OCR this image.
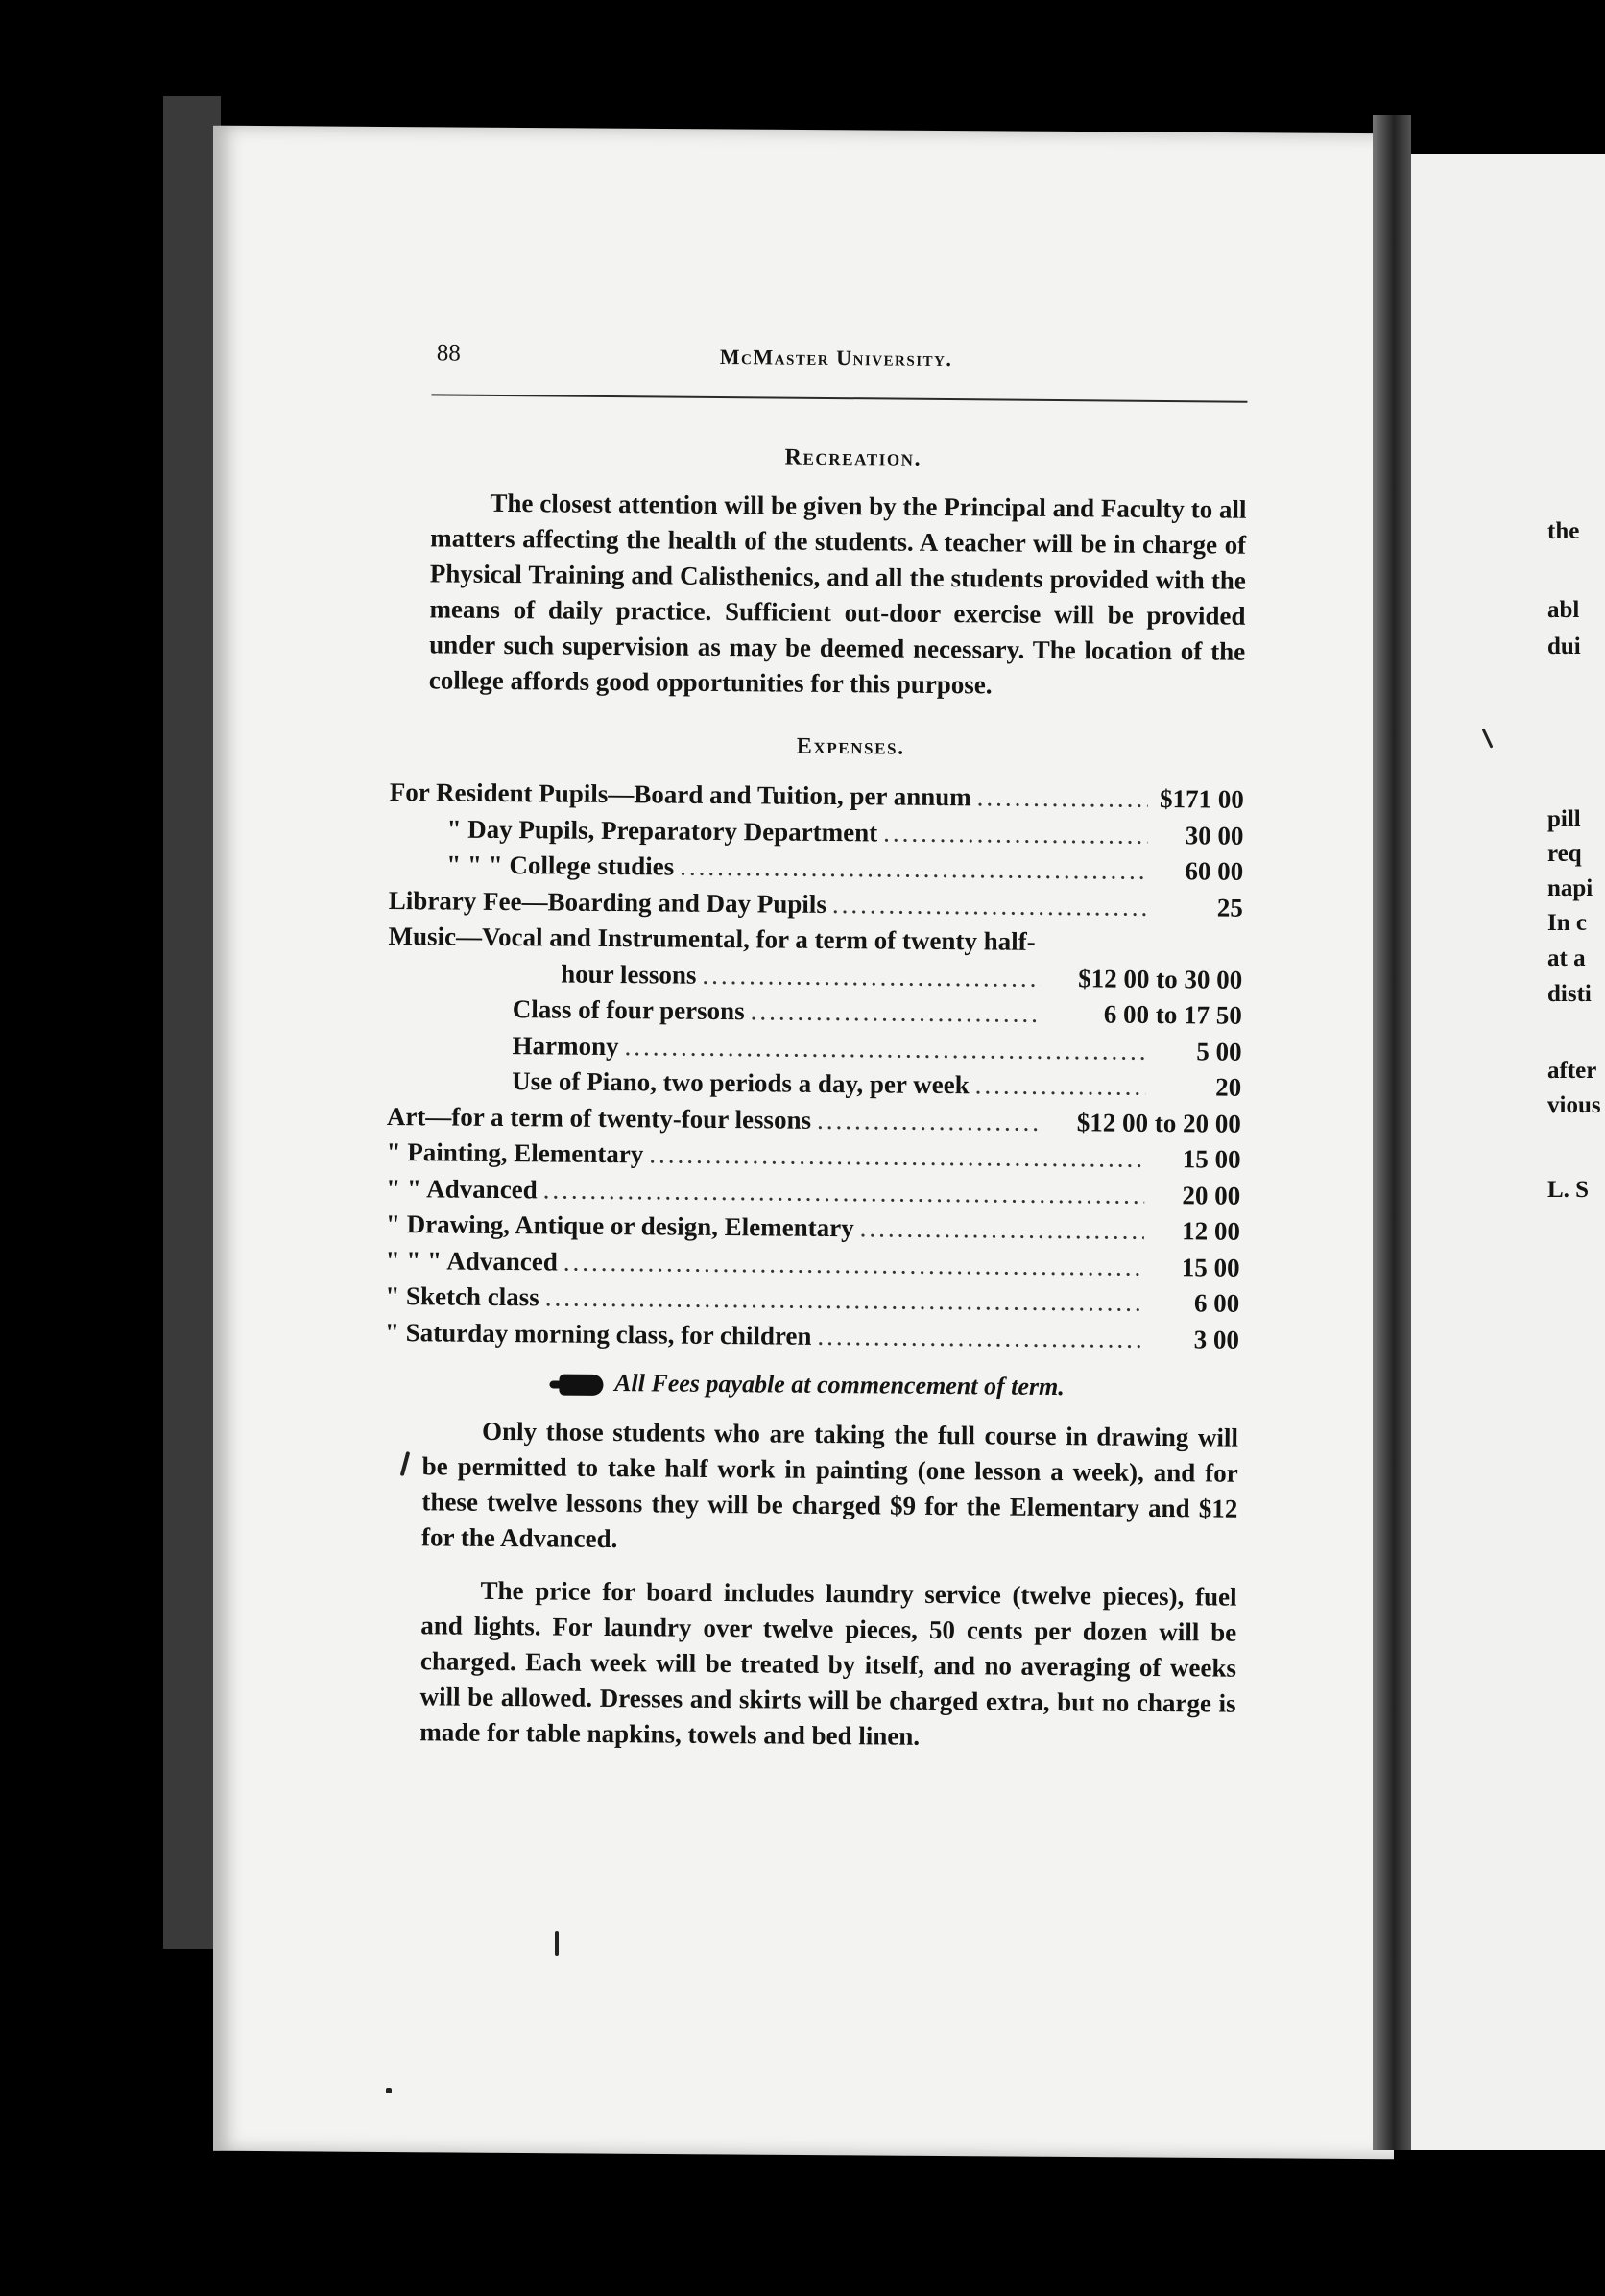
the
abl
dui
pill
req
napi
In c
at a
disti
after
vious
L. S
88	McMaster University.
Recreation.

The closest attention will be given by the Principal and Faculty to all matters affecting the health of the students. A teacher will be in charge of Physical Training and Calisthenics, and all the students provided with the means of daily practice. Sufficient out-door exercise will be provided under such supervision as may be deemed necessary. The location of the college affords good opportunities for this purpose.

Expenses.
For Resident Pupils—Board and Tuition, per annum .....	$171 00
" Day Pupils, Preparatory Department .....	30 00
" " " College studies .....	60 00
Library Fee—Boarding and Day Pupils .....	25
Music—Vocal and Instrumental, for a term of twenty half-
hour lessons .....	$12 00 to 30 00
Class of four persons .....	6 00 to 17 50
Harmony .....	5 00
Use of Piano, two periods a day, per week .....	20
Art—for a term of twenty-four lessons .....	$12 00 to 20 00
" Painting, Elementary .....	15 00
" " Advanced .....	20 00
" Drawing, Antique or design, Elementary .....	12 00
" " " Advanced .....	15 00
" Sketch class .....	6 00
" Saturday morning class, for children .....	3 00

All Fees payable at commencement of term.

Only those students who are taking the full course in drawing will be permitted to take half work in painting (one lesson a week), and for these twelve lessons they will be charged $9 for the Elementary and $12 for the Advanced.

The price for board includes laundry service (twelve pieces), fuel and lights. For laundry over twelve pieces, 50 cents per dozen will be charged. Each week will be treated by itself, and no averaging of weeks will be allowed. Dresses and skirts will be charged extra, but no charge is made for table napkins, towels and bed linen.
